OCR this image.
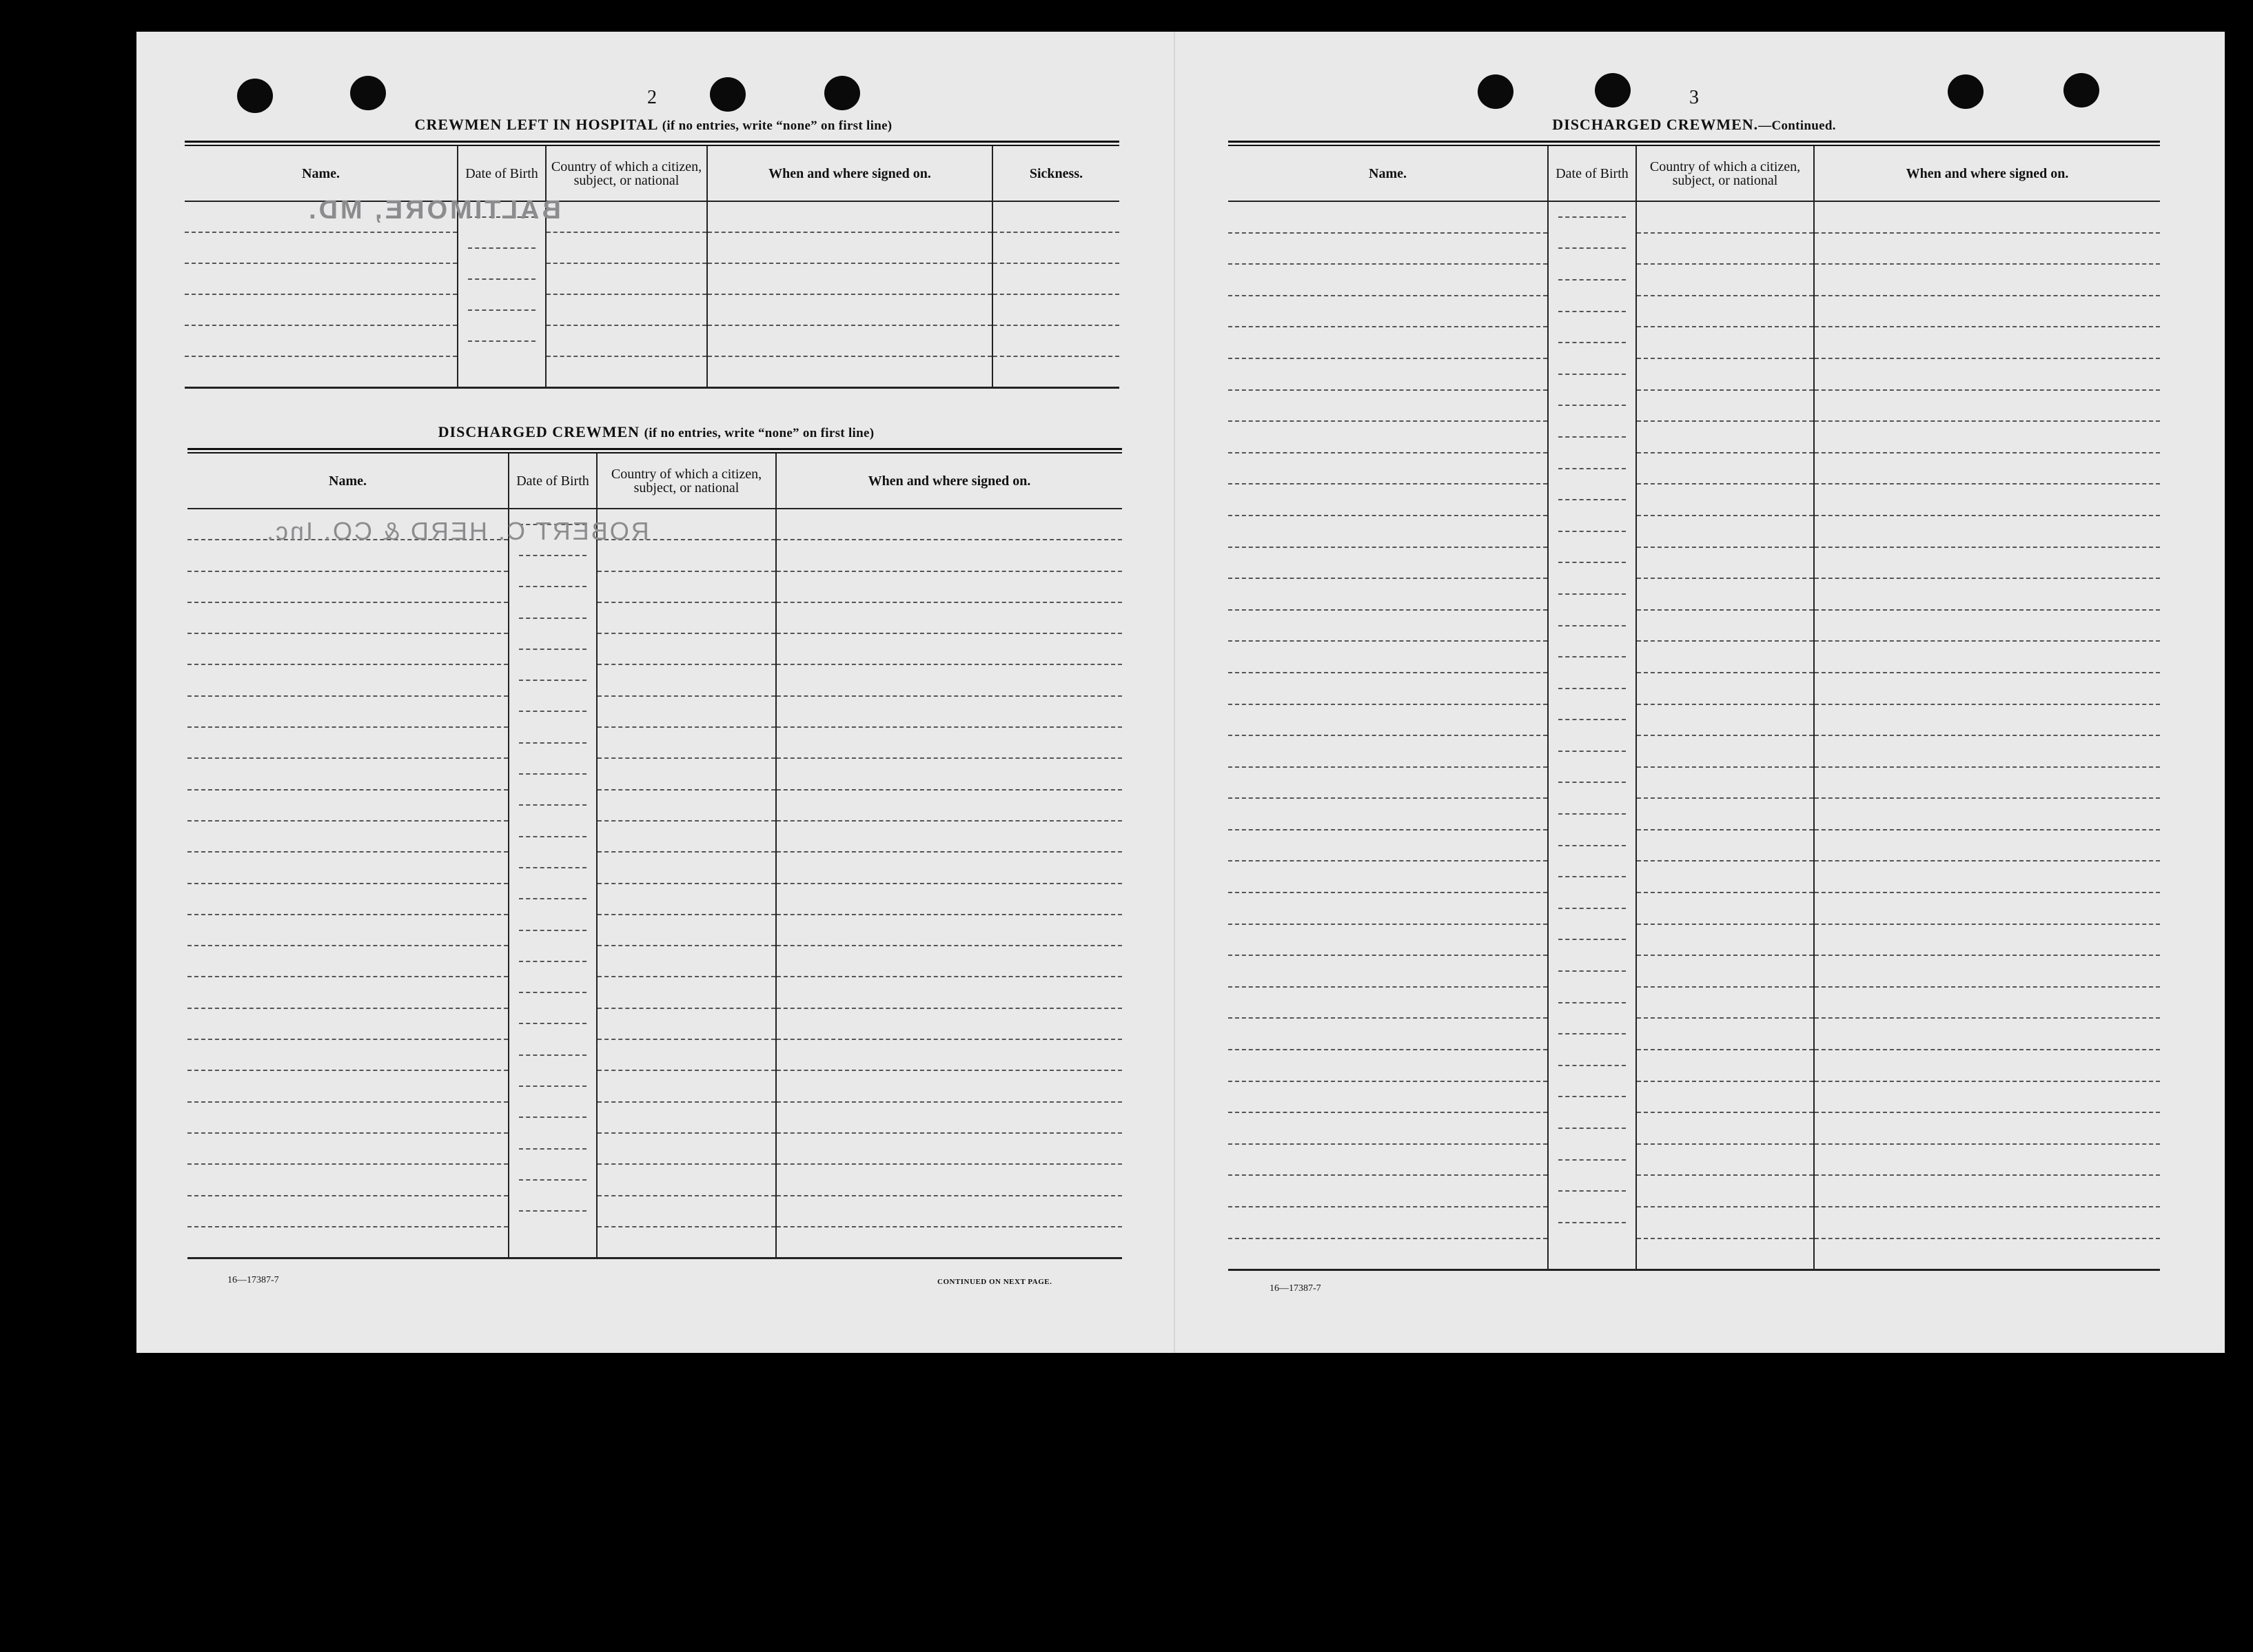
2
CREWMEN LEFT IN HOSPITAL (if no entries, write “none” on first line)
Name.	Date of Birth	Country of which a citizen, subject, or national	When and where signed on.	Sickness.

DISCHARGED CREWMEN (if no entries, write “none” on first line)
Name.	Date of Birth	Country of which a citizen, subject, or national	When and where signed on.

16—17387-7	CONTINUED ON NEXT PAGE.
BALTIMORE, MD.
ROBERT C. HERD & CO. Inc.
3
DISCHARGED CREWMEN.—Continued.
Name.	Date of Birth	Country of which a citizen, subject, or national	When and where signed on.

16—17387-7
